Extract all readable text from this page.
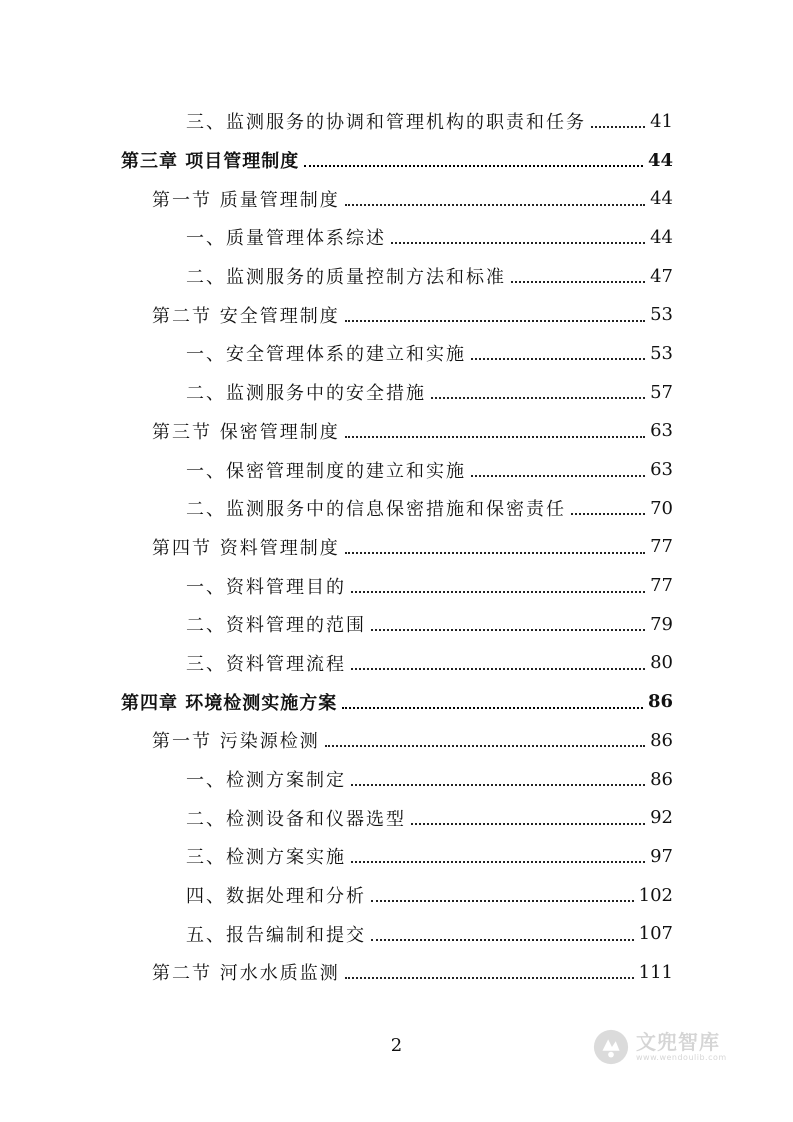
三、监测服务的协调和管理机构的职责和任务	41
第三章 项目管理制度	44
第一节 质量管理制度	44
一、质量管理体系综述	44
二、监测服务的质量控制方法和标准	47
第二节 安全管理制度	53
一、安全管理体系的建立和实施	53
二、监测服务中的安全措施	57
第三节 保密管理制度	63
一、保密管理制度的建立和实施	63
二、监测服务中的信息保密措施和保密责任	70
第四节 资料管理制度	77
一、资料管理目的	77
二、资料管理的范围	79
三、资料管理流程	80
第四章 环境检测实施方案	86
第一节 污染源检测	86
一、检测方案制定	86
二、检测设备和仪器选型	92
三、检测方案实施	97
四、数据处理和分析	102
五、报告编制和提交	107
第二节 河水水质监测	111
2	文兜智库
www.wendoulib.com
